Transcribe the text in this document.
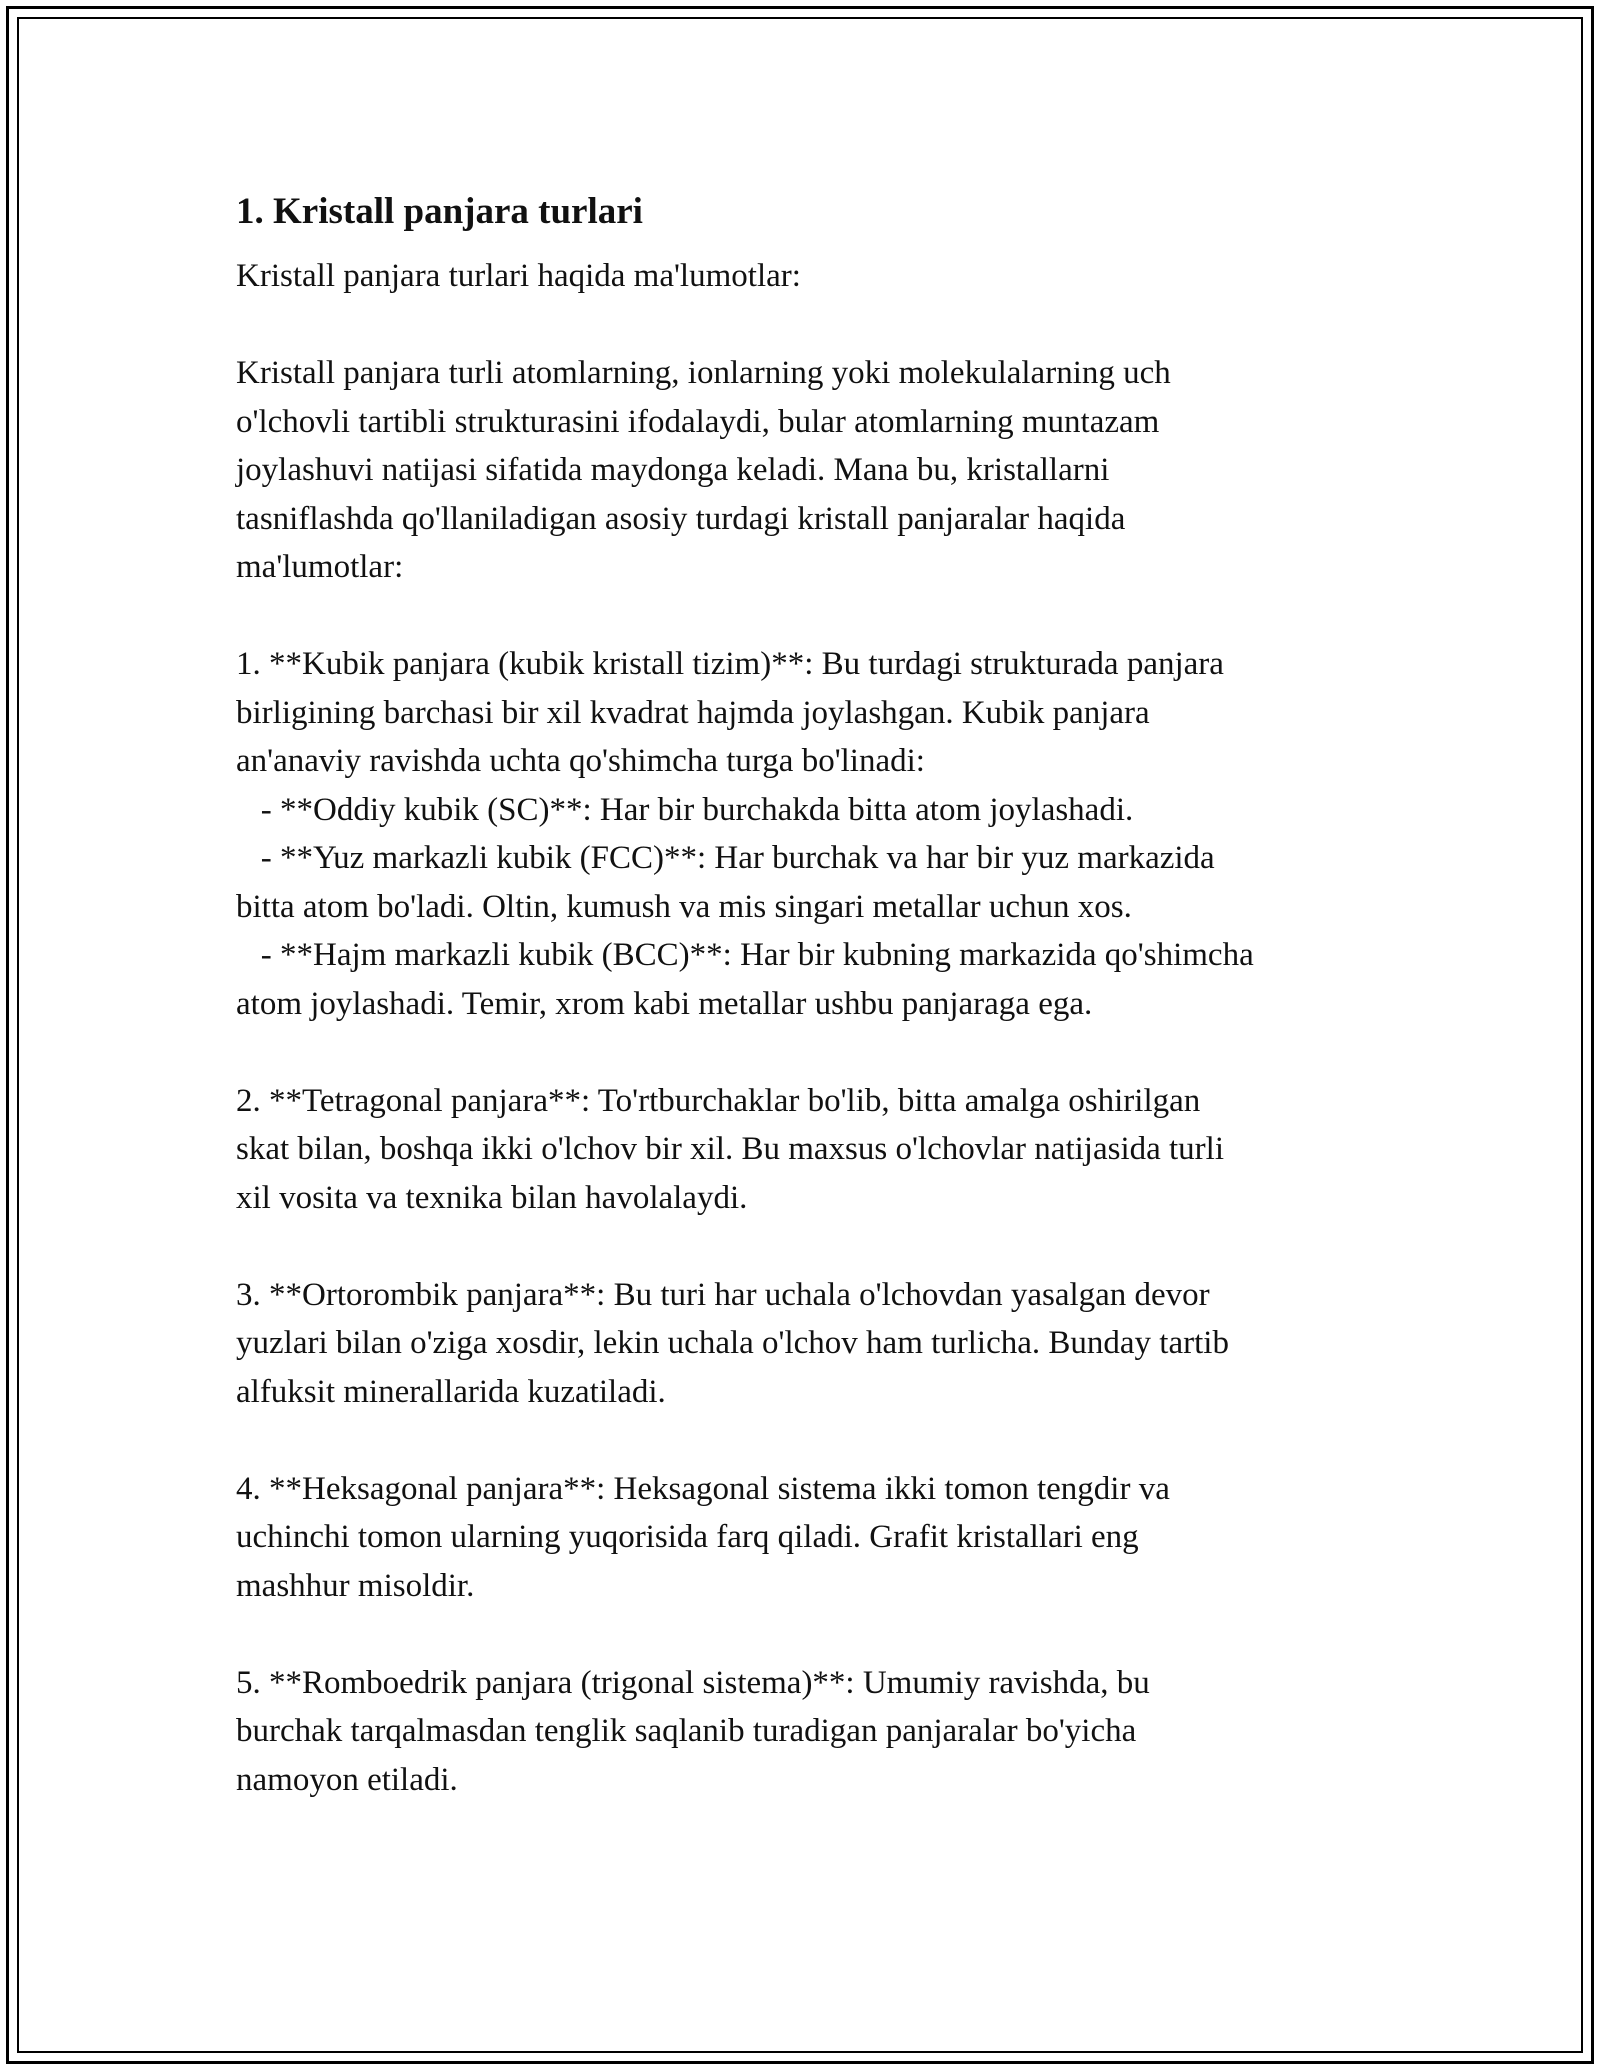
1. Kristall panjara turlari

Kristall panjara turlari haqida ma'lumotlar:

Kristall panjara turli atomlarning, ionlarning yoki molekulalarning uch
o'lchovli tartibli strukturasini ifodalaydi, bular atomlarning muntazam
joylashuvi natijasi sifatida maydonga keladi. Mana bu, kristallarni
tasniflashda qo'llaniladigan asosiy turdagi kristall panjaralar haqida
ma'lumotlar:

1. **Kubik panjara (kubik kristall tizim)**: Bu turdagi strukturada panjara
birligining barchasi bir xil kvadrat hajmda joylashgan. Kubik panjara
an'anaviy ravishda uchta qo'shimcha turga bo'linadi:
- **Oddiy kubik (SC)**: Har bir burchakda bitta atom joylashadi.
- **Yuz markazli kubik (FCC)**: Har burchak va har bir yuz markazida
bitta atom bo'ladi. Oltin, kumush va mis singari metallar uchun xos.
- **Hajm markazli kubik (BCC)**: Har bir kubning markazida qo'shimcha
atom joylashadi. Temir, xrom kabi metallar ushbu panjaraga ega.

2. **Tetragonal panjara**: To'rtburchaklar bo'lib, bitta amalga oshirilgan
skat bilan, boshqa ikki o'lchov bir xil. Bu maxsus o'lchovlar natijasida turli
xil vosita va texnika bilan havolalaydi.

3. **Ortorombik panjara**: Bu turi har uchala o'lchovdan yasalgan devor
yuzlari bilan o'ziga xosdir, lekin uchala o'lchov ham turlicha. Bunday tartib
alfuksit minerallarida kuzatiladi.

4. **Heksagonal panjara**: Heksagonal sistema ikki tomon tengdir va
uchinchi tomon ularning yuqorisida farq qiladi. Grafit kristallari eng
mashhur misoldir.

5. **Romboedrik panjara (trigonal sistema)**: Umumiy ravishda, bu
burchak tarqalmasdan tenglik saqlanib turadigan panjaralar bo'yicha
namoyon etiladi.
